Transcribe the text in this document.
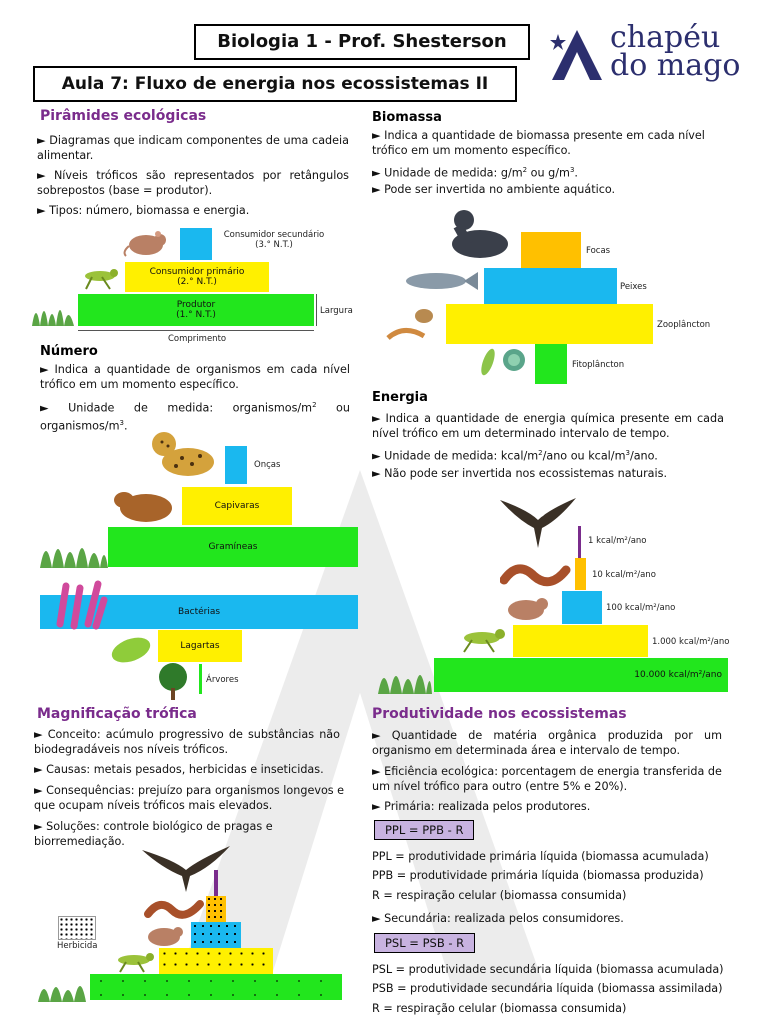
Biologia 1 - Prof. Shesterson
Aula 7: Fluxo de energia nos ecossistemas II
chapéu
do mago
Pirâmides ecológicas
► Diagramas que indicam componentes de uma cadeia alimentar.
► Níveis tróficos são representados por retângulos sobrepostos (base = produtor).
► Tipos: número, biomassa e energia.
Consumidor secundário
(3.° N.T.)
Consumidor primário
(2.° N.T.)
Produtor
(1.° N.T.)	Largura
Comprimento
Número
► Indica a quantidade de organismos em cada nível trófico em um momento específico.
► Unidade de medida: organismos/$m^2$ ou organismos/$m^3$.
Onças
Capivaras
Gramíneas
Bactérias
Lagartas
Árvores
Biomassa
► Indica a quantidade de biomassa presente em cada nível trófico em um momento específico.
► Unidade de medida: $g/m^2$ ou $g/m^3$.
► Pode ser invertida no ambiente aquático.
Focas
Peixes
Zooplâncton
Fitoplâncton
Energia
► Indica a quantidade de energia química presente em cada nível trófico em um determinado intervalo de tempo.
► Unidade de medida: kcal/$m^2$/ano ou kcal/$m^3$/ano.
► Não pode ser invertida nos ecossistemas naturais.
1 kcal/m²/ano
10 kcal/m²/ano
100 kcal/m²/ano
1.000 kcal/m²/ano
10.000 kcal/m²/ano
Magnificação trófica
► Conceito: acúmulo progressivo de substâncias não biodegradáveis nos níveis tróficos.
► Causas: metais pesados, herbicidas e inseticidas.
► Consequências: prejuízo para organismos longevos e que ocupam níveis tróficos mais elevados.
► Soluções: controle biológico de pragas e biorremediação.
Herbicida
Produtividade nos ecossistemas
► Quantidade de matéria orgânica produzida por um organismo em determinada área e intervalo de tempo.
► Eficiência ecológica: porcentagem de energia transferida de um nível trófico para outro (entre 5% e 20%).
► Primária: realizada pelos produtores.
PPL = PPB - R
PPL = produtividade primária líquida (biomassa acumulada)
PPB = produtividade primária líquida (biomassa produzida)
R = respiração celular (biomassa consumida)
► Secundária: realizada pelos consumidores.
PSL = PSB - R
PSL = produtividade secundária líquida (biomassa acumulada)
PSB = produtividade secundária líquida (biomassa assimilada)
R = respiração celular (biomassa consumida)
